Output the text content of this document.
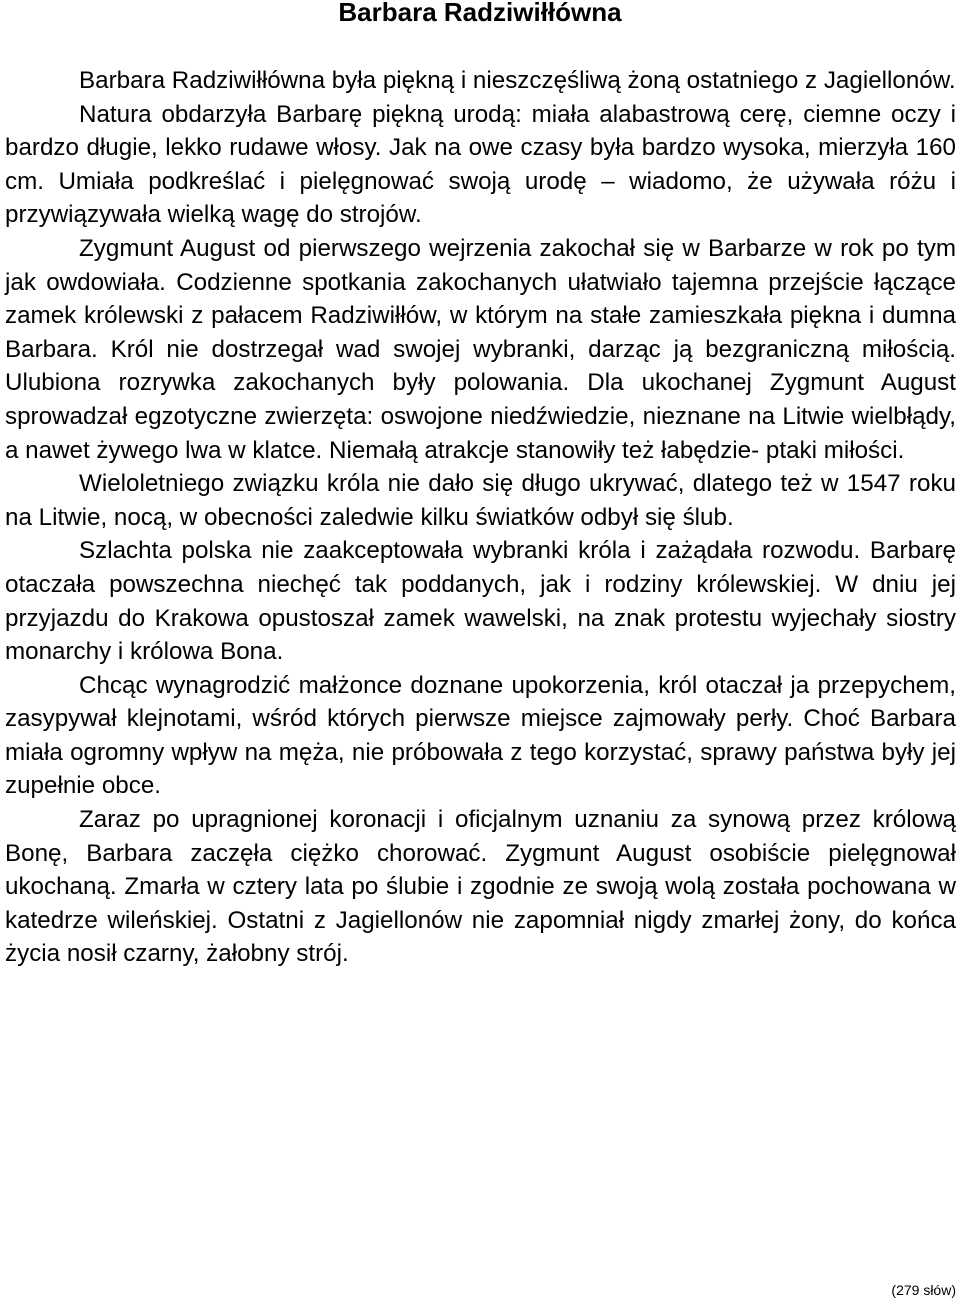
Barbara Radziwiłłówna

Barbara Radziwiłłówna była piękną i nieszczęśliwą żoną ostatniego z Jagiellonów.

Natura obdarzyła Barbarę piękną urodą: miała alabastrową cerę, ciemne oczy i bardzo długie, lekko rudawe włosy. Jak na owe czasy była bardzo wysoka, mierzyła 160 cm. Umiała podkreślać i pielęgnować swoją urodę – wiadomo, że używała różu i przywiązywała wielką wagę do strojów.

Zygmunt August od pierwszego wejrzenia zakochał się w Barbarze w rok po tym jak owdowiała. Codzienne spotkania zakochanych ułatwiało tajemna przejście łączące zamek królewski z pałacem Radziwiłłów, w którym na stałe zamieszkała piękna i dumna Barbara. Król nie dostrzegał wad swojej wybranki, darząc ją bezgraniczną miłością. Ulubiona rozrywka zakochanych były polowania. Dla ukochanej Zygmunt August sprowadzał egzotyczne zwierzęta: oswojone niedźwiedzie, nieznane na Litwie wielbłądy, a nawet żywego lwa w klatce. Niemałą atrakcje stanowiły też łabędzie- ptaki miłości.

Wieloletniego związku króla nie dało się długo ukrywać, dlatego też w 1547 roku na Litwie, nocą, w obecności zaledwie kilku światków odbył się ślub.

Szlachta polska nie zaakceptowała wybranki króla i zażądała rozwodu. Barbarę otaczała powszechna niechęć tak poddanych, jak i rodziny królewskiej. W dniu jej przyjazdu do Krakowa opustoszał zamek wawelski, na znak protestu wyjechały siostry monarchy i królowa Bona.

Chcąc wynagrodzić małżonce doznane upokorzenia, król otaczał ja przepychem, zasypywał klejnotami, wśród których pierwsze miejsce zajmowały perły. Choć Barbara miała ogromny wpływ na męża, nie próbowała z tego korzystać, sprawy państwa były jej zupełnie obce.

Zaraz po upragnionej koronacji i oficjalnym uznaniu za synową przez królową Bonę, Barbara zaczęła ciężko chorować. Zygmunt August osobiście pielęgnował ukochaną. Zmarła w cztery lata po ślubie i zgodnie ze swoją wolą została pochowana w katedrze wileńskiej. Ostatni z Jagiellonów nie zapomniał nigdy zmarłej żony, do końca życia nosił czarny, żałobny strój.

(279 słów)
